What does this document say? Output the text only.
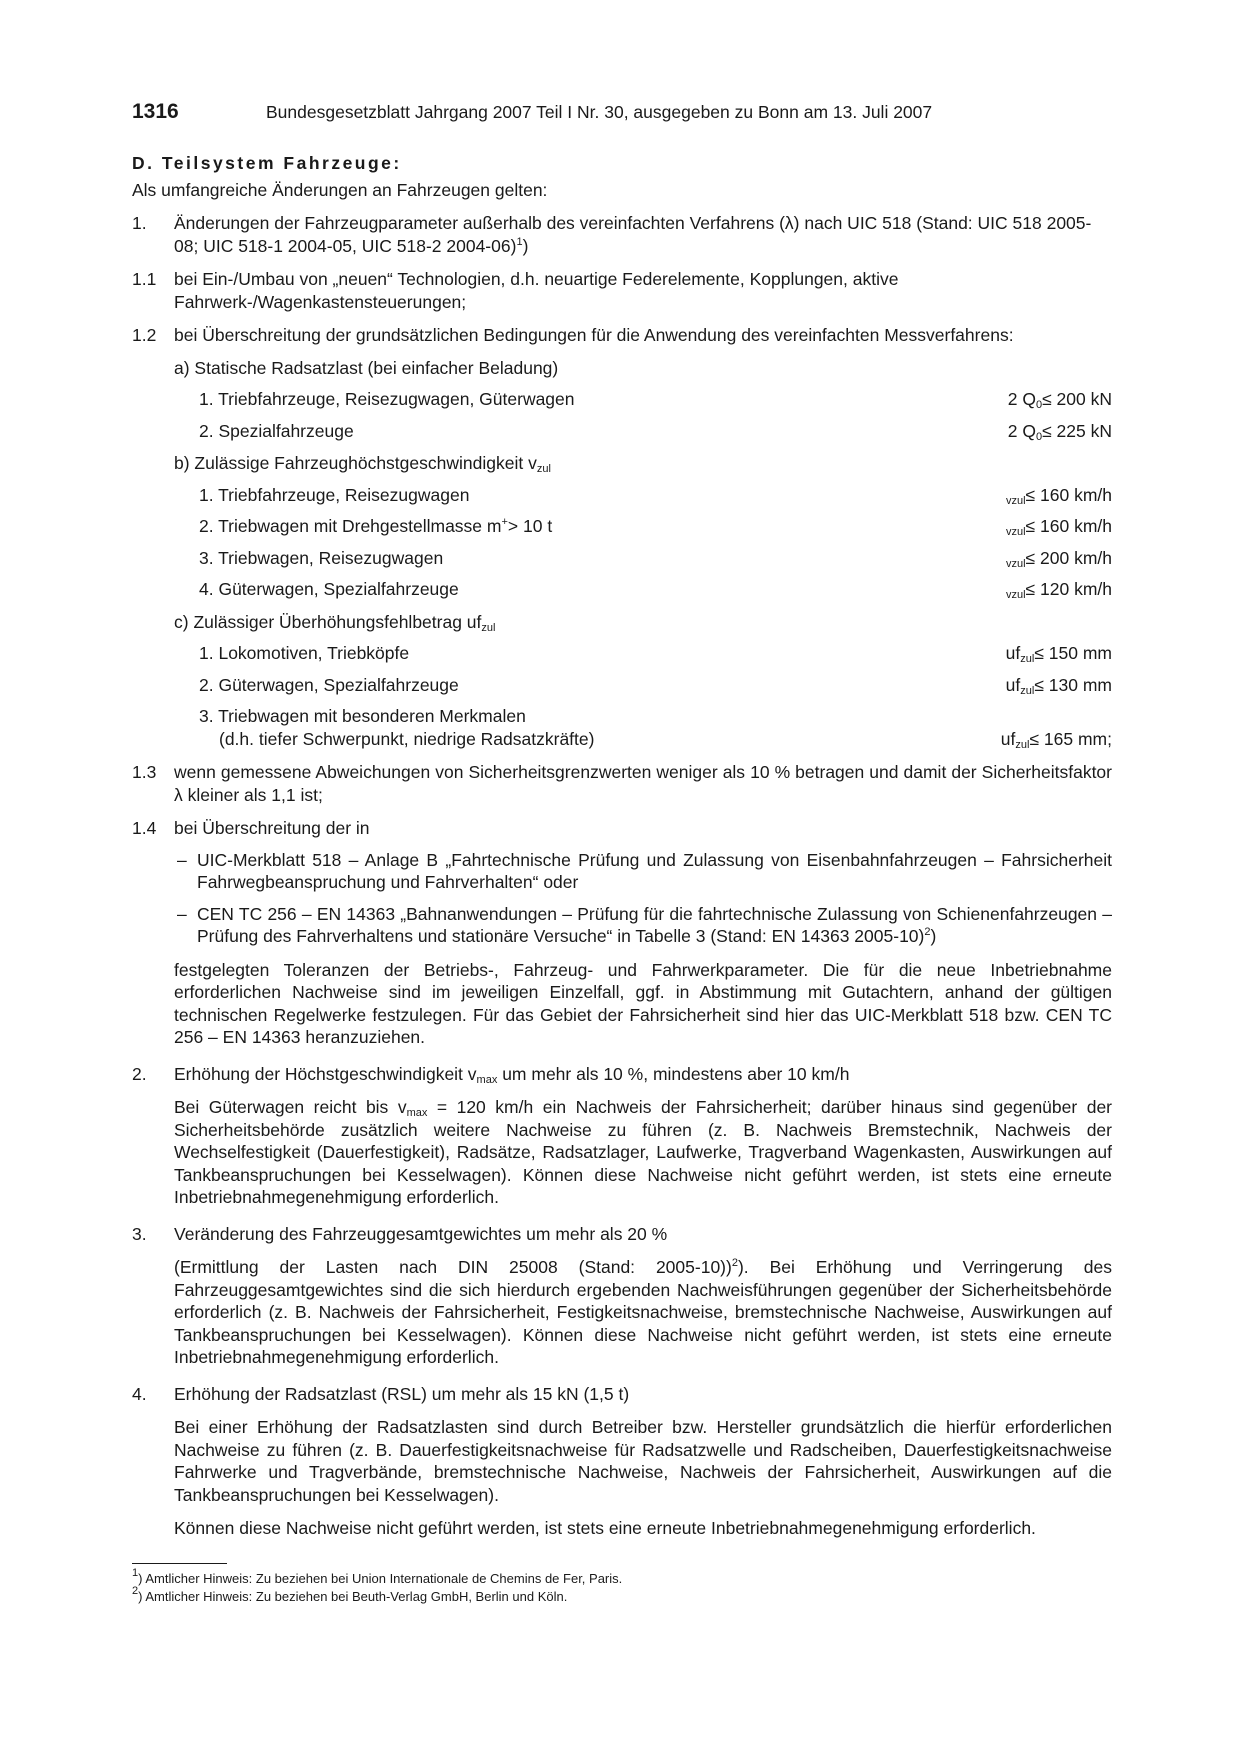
1316	Bundesgesetzblatt Jahrgang 2007 Teil I Nr. 30, ausgegeben zu Bonn am 13. Juli 2007
D. Teilsystem Fahrzeuge:
Als umfangreiche Änderungen an Fahrzeugen gelten:
1. Änderungen der Fahrzeugparameter außerhalb des vereinfachten Verfahrens (λ) nach UIC 518 (Stand: UIC 518 2005-08; UIC 518-1 2004-05, UIC 518-2 2004-06)$^1$)
1.1 bei Ein-/Umbau von „neuen“ Technologien, d.h. neuartige Federelemente, Kopplungen, aktive Fahrwerk-/Wagenkastensteuerungen;
1.2 bei Überschreitung der grundsätzlichen Bedingungen für die Anwendung des vereinfachten Messverfahrens:
a) Statische Radsatzlast (bei einfacher Beladung)
1. Triebfahrzeuge, Reisezugwagen, Güterwagen	2 $Q_0\le 200$ kN
2. Spezialfahrzeuge	2 $Q_0\le 225$ kN
b) Zulässige Fahrzeughöchstgeschwindigkeit $v_{zul}$
1. Triebfahrzeuge, Reisezugwagen	$_{vzul}$≤ 160 km/h
2. Triebwagen mit Drehgestellmasse m+> 10 t	$_{vzul}$≤ 160 km/h
3. Triebwagen, Reisezugwagen	$_{vzul}$≤ 200 km/h
4. Güterwagen, Spezialfahrzeuge	$_{vzul}$≤ 120 km/h
c) Zulässiger Überhöhungsfehlbetrag $uf_{zul}$
1. Lokomotiven, Triebköpfe	$uf_{zul}\le 150$ mm
2. Güterwagen, Spezialfahrzeuge	$uf_{zul}\le 130$ mm
3. Triebwagen mit besonderen Merkmalen
(d.h. tiefer Schwerpunkt, niedrige Radsatzkräfte)	$uf_{zul}\le 165$ mm;
1.3 wenn gemessene Abweichungen von Sicherheitsgrenzwerten weniger als 10 % betragen und damit der Sicherheitsfaktor λ kleiner als 1,1 ist;
1.4 bei Überschreitung der in
– UIC-Merkblatt 518 – Anlage B „Fahrtechnische Prüfung und Zulassung von Eisenbahnfahrzeugen – Fahrsicherheit Fahrwegbeanspruchung und Fahrverhalten“ oder
– CEN TC 256 – EN 14363 „Bahnanwendungen – Prüfung für die fahrtechnische Zulassung von Schienenfahrzeugen – Prüfung des Fahrverhaltens und stationäre Versuche“ in Tabelle 3 (Stand: EN 14363 2005-10)$^2$)
festgelegten Toleranzen der Betriebs-, Fahrzeug- und Fahrwerkparameter. Die für die neue Inbetriebnahme erforderlichen Nachweise sind im jeweiligen Einzelfall, ggf. in Abstimmung mit Gutachtern, anhand der gültigen technischen Regelwerke festzulegen. Für das Gebiet der Fahrsicherheit sind hier das UIC-Merkblatt 518 bzw. CEN TC 256 – EN 14363 heranzuziehen.
2. Erhöhung der Höchstgeschwindigkeit $v_{max}$ um mehr als 10 %, mindestens aber 10 km/h
Bei Güterwagen reicht bis $v_{max} = 120$ km/h ein Nachweis der Fahrsicherheit; darüber hinaus sind gegenüber der Sicherheitsbehörde zusätzlich weitere Nachweise zu führen (z. B. Nachweis Bremstechnik, Nachweis der Wechselfestigkeit (Dauerfestigkeit), Radsätze, Radsatzlager, Laufwerke, Tragverband Wagenkasten, Auswirkungen auf Tankbeanspruchungen bei Kesselwagen). Können diese Nachweise nicht geführt werden, ist stets eine erneute Inbetriebnahmegenehmigung erforderlich.
3. Veränderung des Fahrzeuggesamtgewichtes um mehr als 20 %
(Ermittlung der Lasten nach DIN 25008 (Stand: 2005-10))$^2$). Bei Erhöhung und Verringerung des Fahrzeuggesamtgewichtes sind die sich hierdurch ergebenden Nachweisführungen gegenüber der Sicherheitsbehörde erforderlich (z. B. Nachweis der Fahrsicherheit, Festigkeitsnachweise, bremstechnische Nachweise, Auswirkungen auf Tankbeanspruchungen bei Kesselwagen). Können diese Nachweise nicht geführt werden, ist stets eine erneute Inbetriebnahmegenehmigung erforderlich.
4. Erhöhung der Radsatzlast (RSL) um mehr als 15 kN (1,5 t)
Bei einer Erhöhung der Radsatzlasten sind durch Betreiber bzw. Hersteller grundsätzlich die hierfür erforderlichen Nachweise zu führen (z. B. Dauerfestigkeitsnachweise für Radsatzwelle und Radscheiben, Dauerfestigkeitsnachweise Fahrwerke und Tragverbände, bremstechnische Nachweise, Nachweis der Fahrsicherheit, Auswirkungen auf die Tankbeanspruchungen bei Kesselwagen).
Können diese Nachweise nicht geführt werden, ist stets eine erneute Inbetriebnahmegenehmigung erforderlich.
$^1$) Amtlicher Hinweis: Zu beziehen bei Union Internationale de Chemins de Fer, Paris.
$^2$) Amtlicher Hinweis: Zu beziehen bei Beuth-Verlag GmbH, Berlin und Köln.
